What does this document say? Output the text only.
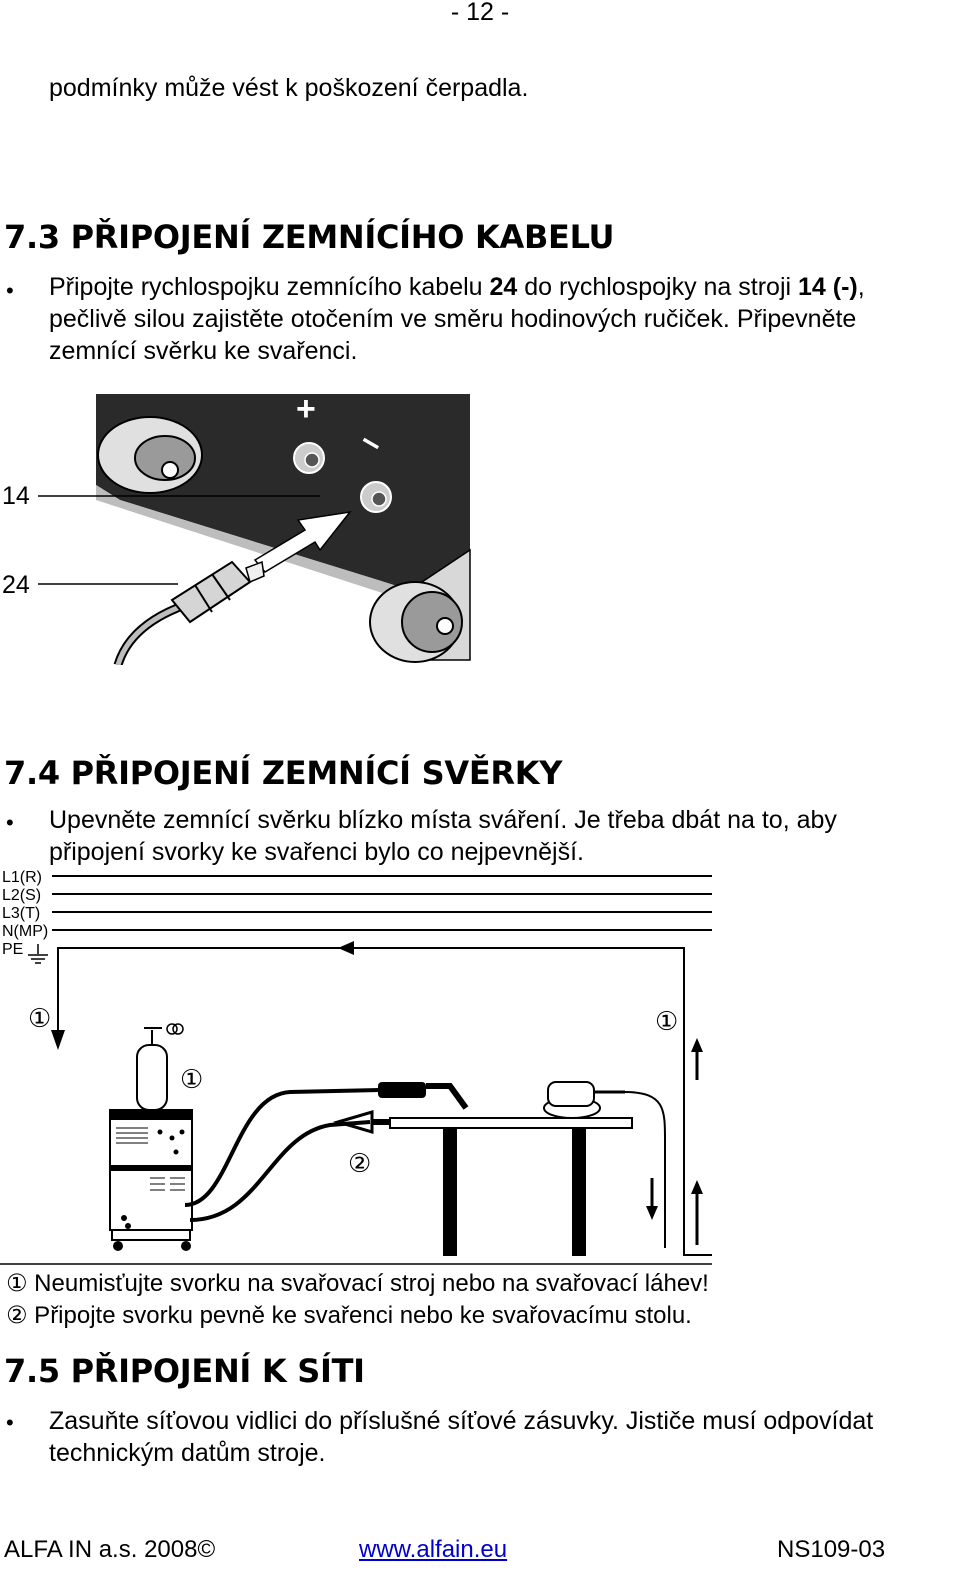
- 12 -
podmínky může vést k poškození čerpadla.
7.3 PŘIPOJENÍ ZEMNÍCÍHO KABELU
• Připojte rychlospojku zemnícího kabelu 24 do rychlospojky na stroji 14 (-),
pečlivě silou zajistěte otočením ve směru hodinových ručiček. Připevněte
zemnící svěrku ke svařenci.
+
–
14
24
7.4 PŘIPOJENÍ ZEMNÍCÍ SVĚRKY
• Upevněte zemnící svěrku blízko místa sváření. Je třeba dbát na to, aby
připojení svorky ke svařenci bylo co nejpevnější.
L1(R)
L2(S)
L3(T)
N(MP)
PE
①
①
①
②
① Neumisťujte svorku na svařovací stroj nebo na svařovací láhev!
② Připojte svorku pevně ke svařenci nebo ke svařovacímu stolu.
7.5 PŘIPOJENÍ K SÍTI
• Zasuňte síťovou vidlici do příslušné síťové zásuvky. Jističe musí odpovídat
technickým datům stroje.
ALFA IN a.s. 2008©	www.alfain.eu	NS109-03
